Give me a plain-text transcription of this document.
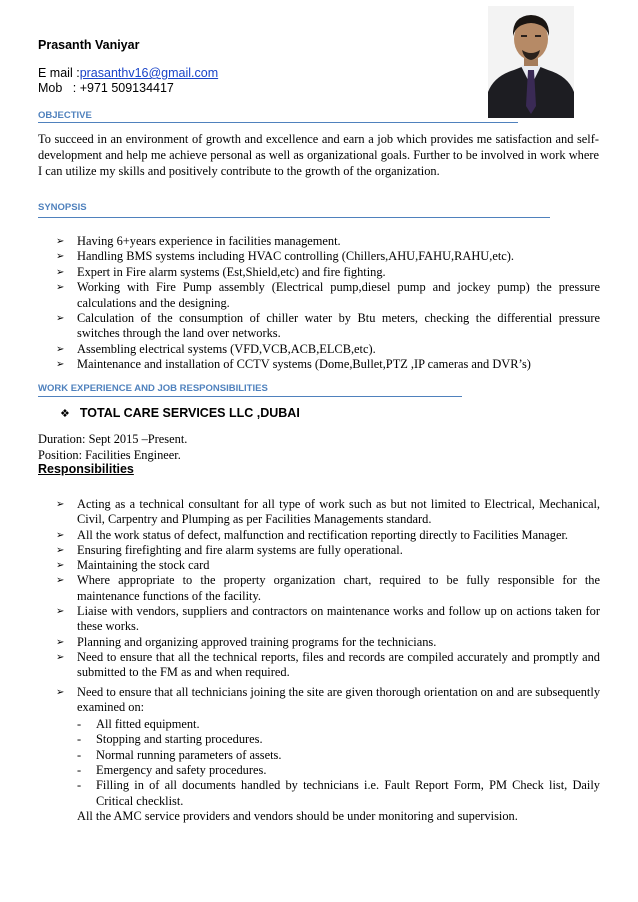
Prasanth Vaniyar
E mail :prasanthv16@gmail.com
Mob   : +971 509134417
OBJECTIVE

To succeed in an environment of growth and excellence and earn a job which provides me satisfaction and self-development and help me achieve personal as well as organizational goals. Further to be involved in work where I can utilize my skills and positively contribute to the growth of the organization.

SYNOPSIS
➢ Having 6+years experience in facilities management.
➢ Handling BMS systems including HVAC controlling (Chillers,AHU,FAHU,RAHU,etc).
➢ Expert in Fire alarm systems (Est,Shield,etc) and fire fighting.
➢ Working with Fire Pump assembly (Electrical pump,diesel pump and jockey pump) the pressure calculations and the designing.
➢ Calculation of the consumption of chiller water by Btu meters, checking the differential pressure switches through the land over networks.
➢ Assembling electrical systems (VFD,VCB,ACB,ELCB,etc).
➢ Maintenance and installation of CCTV systems (Dome,Bullet,PTZ ,IP cameras and DVR’s)
WORK EXPERIENCE AND JOB RESPONSIBILITIES
❖ TOTAL CARE SERVICES LLC ,DUBAI
Duration: Sept 2015 –Present.
Position: Facilities Engineer.
Responsibilities
➢ Acting as a technical consultant for all type of work such as but not limited to Electrical, Mechanical, Civil, Carpentry and Plumping as per Facilities Managements standard.
➢ All the work status of defect, malfunction and rectification reporting directly to Facilities Manager.
➢ Ensuring firefighting and fire alarm systems are fully operational.
➢ Maintaining the stock card
➢ Where appropriate to the property organization chart, required to be fully responsible for the maintenance functions of the facility.
➢ Liaise with vendors, suppliers and contractors on maintenance works and follow up on actions taken for these works.
➢ Planning and organizing approved training programs for the technicians.
➢ Need to ensure that all the technical reports, files and records are compiled accurately and promptly and submitted to the FM as and when required.
➢ Need to ensure that all technicians joining the site are given thorough orientation on and are subsequently examined on:
- All fitted equipment.
- Stopping and starting procedures.
- Normal running parameters of assets.
- Emergency and safety procedures.
- Filling in of all documents handled by technicians i.e. Fault Report Form, PM Check list, Daily Critical checklist.
All the AMC service providers and vendors should be under monitoring and supervision.
